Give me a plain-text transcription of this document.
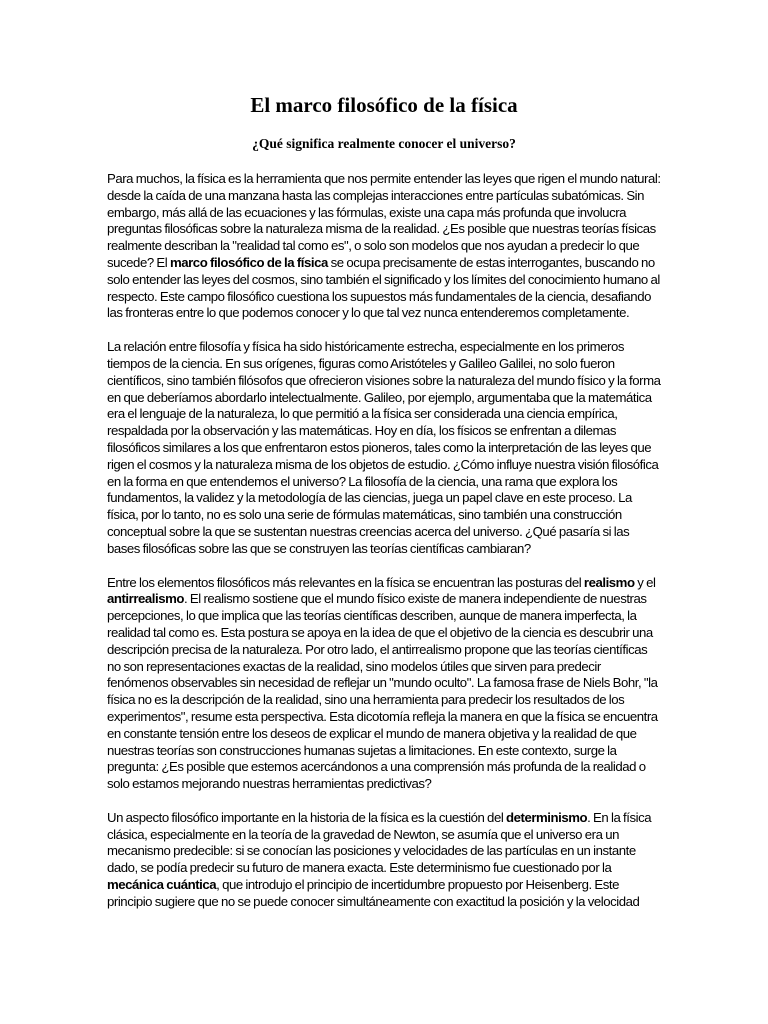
El marco filosófico de la física
¿Qué significa realmente conocer el universo?

Para muchos, la física es la herramienta que nos permite entender las leyes que rigen el mundo natural: desde la caída de una manzana hasta las complejas interacciones entre partículas subatómicas. Sin embargo, más allá de las ecuaciones y las fórmulas, existe una capa más profunda que involucra preguntas filosóficas sobre la naturaleza misma de la realidad. ¿Es posible que nuestras teorías físicas realmente describan la "realidad tal como es", o solo son modelos que nos ayudan a predecir lo que sucede? El marco filosófico de la física se ocupa precisamente de estas interrogantes, buscando no solo entender las leyes del cosmos, sino también el significado y los límites del conocimiento humano al respecto. Este campo filosófico cuestiona los supuestos más fundamentales de la ciencia, desafiando las fronteras entre lo que podemos conocer y lo que tal vez nunca entenderemos completamente.

La relación entre filosofía y física ha sido históricamente estrecha, especialmente en los primeros tiempos de la ciencia. En sus orígenes, figuras como Aristóteles y Galileo Galilei, no solo fueron científicos, sino también filósofos que ofrecieron visiones sobre la naturaleza del mundo físico y la forma en que deberíamos abordarlo intelectualmente. Galileo, por ejemplo, argumentaba que la matemática era el lenguaje de la naturaleza, lo que permitió a la física ser considerada una ciencia empírica, respaldada por la observación y las matemáticas. Hoy en día, los físicos se enfrentan a dilemas filosóficos similares a los que enfrentaron estos pioneros, tales como la interpretación de las leyes que rigen el cosmos y la naturaleza misma de los objetos de estudio. ¿Cómo influye nuestra visión filosófica en la forma en que entendemos el universo? La filosofía de la ciencia, una rama que explora los fundamentos, la validez y la metodología de las ciencias, juega un papel clave en este proceso. La física, por lo tanto, no es solo una serie de fórmulas matemáticas, sino también una construcción conceptual sobre la que se sustentan nuestras creencias acerca del universo. ¿Qué pasaría si las bases filosóficas sobre las que se construyen las teorías científicas cambiaran?

Entre los elementos filosóficos más relevantes en la física se encuentran las posturas del realismo y el antirrealismo. El realismo sostiene que el mundo físico existe de manera independiente de nuestras percepciones, lo que implica que las teorías científicas describen, aunque de manera imperfecta, la realidad tal como es. Esta postura se apoya en la idea de que el objetivo de la ciencia es descubrir una descripción precisa de la naturaleza. Por otro lado, el antirrealismo propone que las teorías científicas no son representaciones exactas de la realidad, sino modelos útiles que sirven para predecir fenómenos observables sin necesidad de reflejar un "mundo oculto". La famosa frase de Niels Bohr, "la física no es la descripción de la realidad, sino una herramienta para predecir los resultados de los experimentos", resume esta perspectiva. Esta dicotomía refleja la manera en que la física se encuentra en constante tensión entre los deseos de explicar el mundo de manera objetiva y la realidad de que nuestras teorías son construcciones humanas sujetas a limitaciones. En este contexto, surge la pregunta: ¿Es posible que estemos acercándonos a una comprensión más profunda de la realidad o solo estamos mejorando nuestras herramientas predictivas?

Un aspecto filosófico importante en la historia de la física es la cuestión del determinismo. En la física clásica, especialmente en la teoría de la gravedad de Newton, se asumía que el universo era un mecanismo predecible: si se conocían las posiciones y velocidades de las partículas en un instante dado, se podía predecir su futuro de manera exacta. Este determinismo fue cuestionado por la mecánica cuántica, que introdujo el principio de incertidumbre propuesto por Heisenberg. Este principio sugiere que no se puede conocer simultáneamente con exactitud la posición y la velocidad
